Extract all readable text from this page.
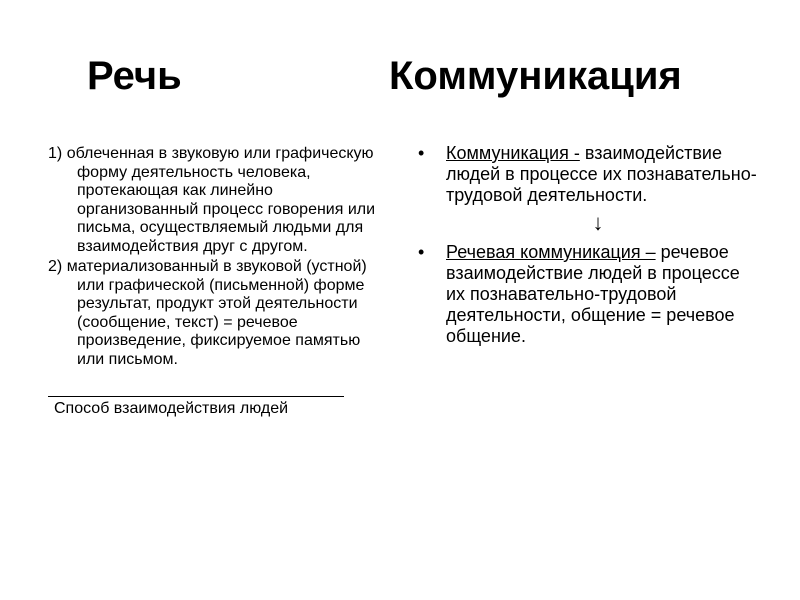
Речь	Коммуникация

1) облеченная в звуковую или графическую форму деятельность человека, протекающая как линейно организованный процесс говорения или письма, осуществляемый людьми для взаимодействия друг с другом.

2) материализованный в звуковой (устной) или графической (письменной) форме результат, продукт этой деятельности (сообщение, текст) = речевое произведение, фиксируемое памятью или письмом.

Способ взаимодействия людей
• Коммуникация - взаимодействие людей в процессе их познавательно-трудовой деятельности.
↓
• Речевая коммуникация – речевое взаимодействие людей в процессе их познавательно-трудовой деятельности, общение = речевое общение.
